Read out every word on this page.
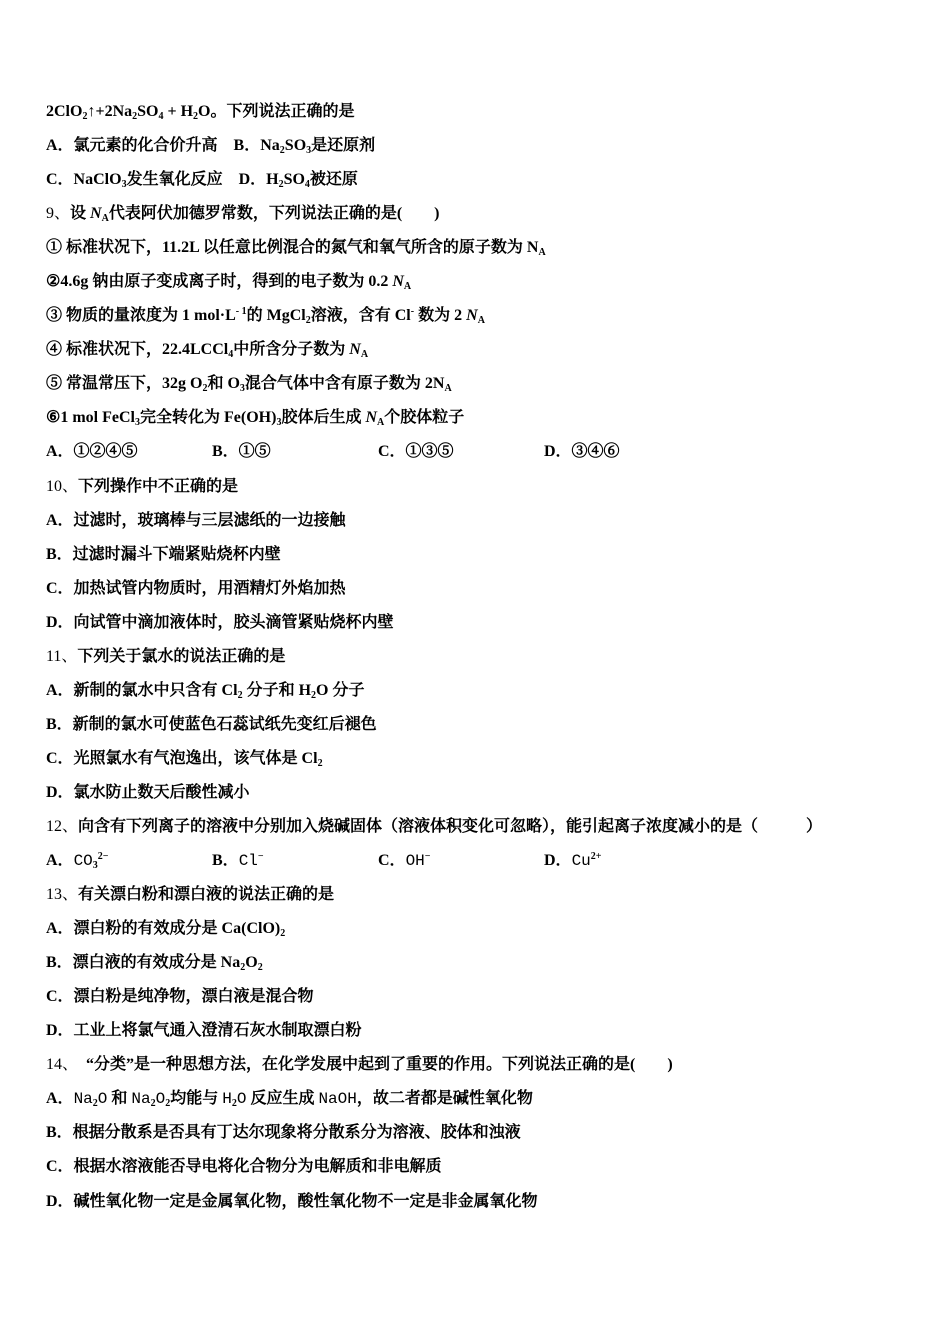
$2ClO_2↑+2Na_2SO_4 + H_2O$。下列说法正确的是
A．氯元素的化合价升高　B．$Na_2SO_3$是还原剂
C．NaClO$_3$发生氧化反应　D．$H_2SO_4$被还原
9、设 $N_A$代表阿伏加德罗常数，下列说法正确的是(　　)
① 标准状况下，11.2L 以任意比例混合的氮气和氧气所含的原子数为 $N_A$
②4.6g 钠由原子变成离子时，得到的电子数为 0.2 $N_A$
③ 物质的量浓度为 1 $mol\cdot L^{- 1}$的 MgCl$_2$溶液，含有 Cl- 数为 2 $N_A$
④ 标准状况下，22.4LCCl$_4$中所含分子数为 $N_A$
⑤ 常温常压下，32g $O_2$和 $O_3$混合气体中含有原子数为 $2N_A$
⑥1 mol FeCl$_3$完全转化为 $Fe(OH)_3$胶体后生成 $N_A$个胶体粒子
A．①②④⑤	B．①⑤	C．①③⑤	D．③④⑥
10、下列操作中不正确的是
A．过滤时，玻璃棒与三层滤纸的一边接触
B．过滤时漏斗下端紧贴烧杯内壁
C．加热试管内物质时，用酒精灯外焰加热
D．向试管中滴加液体时，胶头滴管紧贴烧杯内壁
11、下列关于氯水的说法正确的是
A．新制的氯水中只含有 $Cl_2$ 分子和 $H_2O$ 分子
B．新制的氯水可使蓝色石蕊试纸先变红后褪色
C．光照氯水有气泡逸出，该气体是 $Cl_2$
D．氯水防止数天后酸性减小
12、向含有下列离子的溶液中分别加入烧碱固体（溶液体积变化可忽略），能引起离子浓度减小的是（　　　）
A．$CO_3^{2-}$	B．Cl−	C．OH−	D．$Cu^{2+}$
13、有关漂白粉和漂白液的说法正确的是
A．漂白粉的有效成分是 $Ca(ClO)_2$
B．漂白液的有效成分是 $Na_2O_2$
C．漂白粉是纯净物，漂白液是混合物
D．工业上将氯气通入澄清石灰水制取漂白粉
14、　“分类”是一种思想方法，在化学发展中起到了重要的作用。下列说法正确的是(　　)
A．$Na_2O$ 和 $Na_2O_2$均能与 $H_2O$ 反应生成 NaOH，故二者都是碱性氧化物
B．根据分散系是否具有丁达尔现象将分散系分为溶液、胶体和浊液
C．根据水溶液能否导电将化合物分为电解质和非电解质
D．碱性氧化物一定是金属氧化物，酸性氧化物不一定是非金属氧化物
